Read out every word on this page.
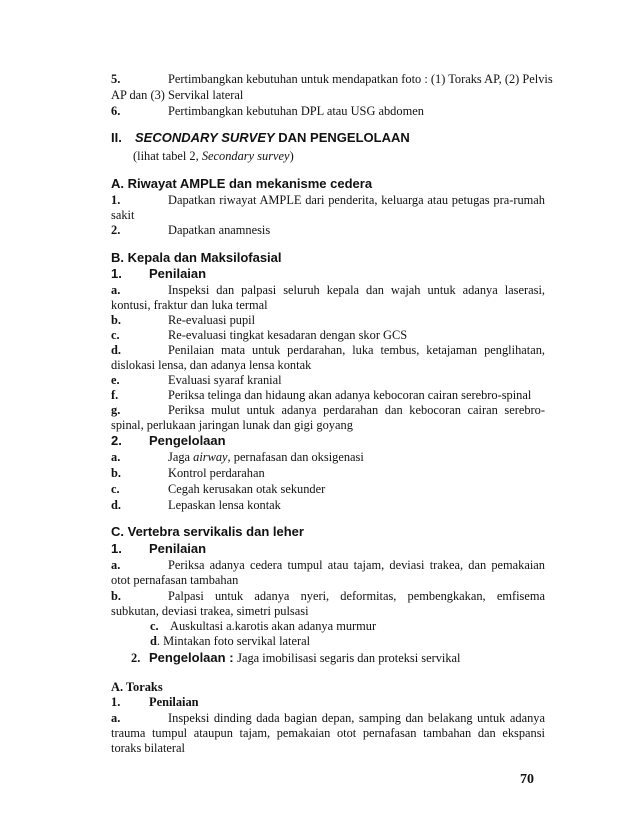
5.	Pertimbangkan kebutuhan untuk mendapatkan foto : (1) Toraks AP, (2) Pelvis
AP dan (3) Servikal lateral
6.	Pertimbangkan kebutuhan DPL atau USG abdomen
II. SECONDARY SURVEY DAN PENGELOLAAN
(lihat tabel 2, Secondary survey)
A. Riwayat AMPLE dan mekanisme cedera
1.	Dapatkan riwayat AMPLE dari penderita, keluarga atau petugas pra-rumah
sakit
2.	Dapatkan anamnesis
B. Kepala dan Maksilofasial
1. Penilaian
a.	Inspeksi dan palpasi seluruh kepala dan wajah untuk adanya laserasi,
kontusi, fraktur dan luka termal
b.	Re-evaluasi pupil
c.	Re-evaluasi tingkat kesadaran dengan skor GCS
d.	Penilaian mata untuk perdarahan, luka tembus, ketajaman penglihatan,
dislokasi lensa, dan adanya lensa kontak
e.	Evaluasi syaraf kranial
f.	Periksa telinga dan hidaung akan adanya kebocoran cairan serebro-spinal
g.	Periksa mulut untuk adanya perdarahan dan kebocoran cairan serebro-
spinal, perlukaan jaringan lunak dan gigi goyang
2. Pengelolaan
a.	Jaga airway, pernafasan dan oksigenasi
b.	Kontrol perdarahan
c.	Cegah kerusakan otak sekunder
d.	Lepaskan lensa kontak
C. Vertebra servikalis dan leher
1. Penilaian
a.	Periksa adanya cedera tumpul atau tajam, deviasi trakea, dan pemakaian
otot pernafasan tambahan
b.	Palpasi untuk adanya nyeri, deformitas, pembengkakan, emfisema
subkutan, deviasi trakea, simetri pulsasi
c. Auskultasi a.karotis akan adanya murmur
d. Mintakan foto servikal lateral
2. Pengelolaan : Jaga imobilisasi segaris dan proteksi servikal
A. Toraks
1. Penilaian
a.	Inspeksi dinding dada bagian depan, samping dan belakang untuk adanya
trauma tumpul ataupun tajam, pemakaian otot pernafasan tambahan dan ekspansi
toraks bilateral
70
